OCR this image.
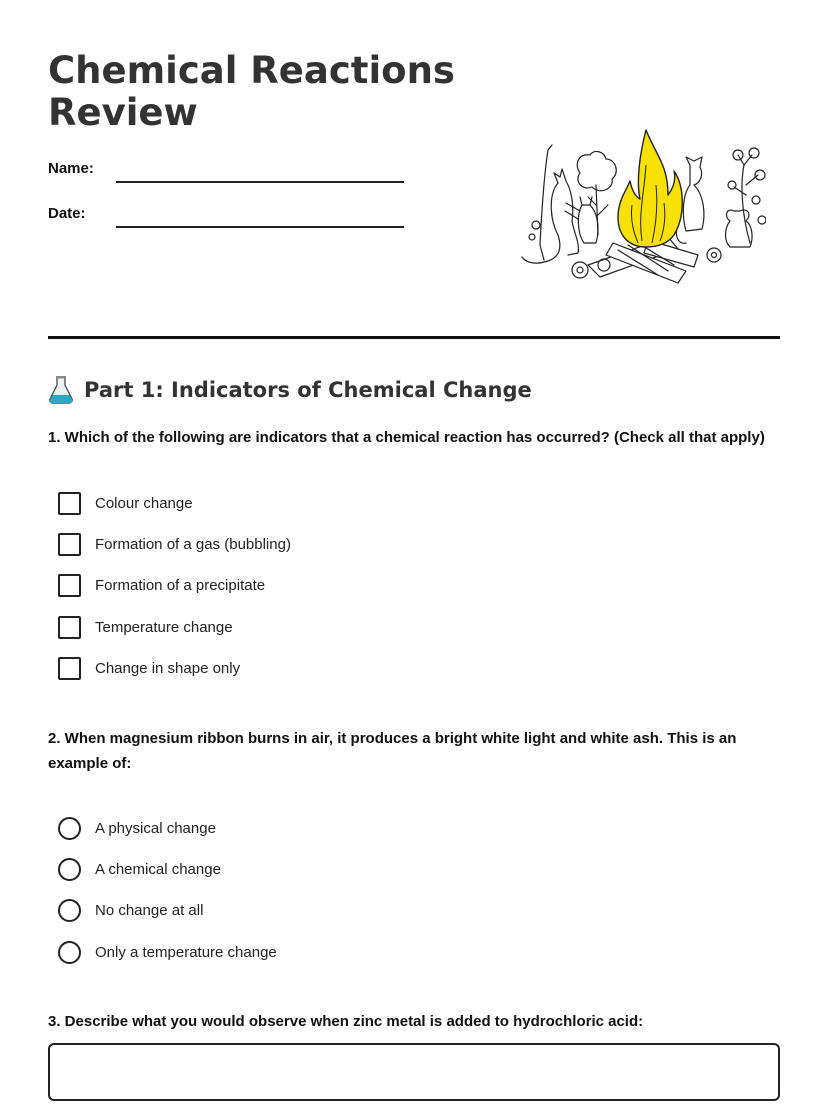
Chemical Reactions
Review
Name:
Date:
Part 1: Indicators of Chemical Change
1. Which of the following are indicators that a chemical reaction has occurred? (Check all that apply)
Colour change
Formation of a gas (bubbling)
Formation of a precipitate
Temperature change
Change in shape only
2. When magnesium ribbon burns in air, it produces a bright white light and white ash. This is an example of:
A physical change
A chemical change
No change at all
Only a temperature change
3. Describe what you would observe when zinc metal is added to hydrochloric acid:
